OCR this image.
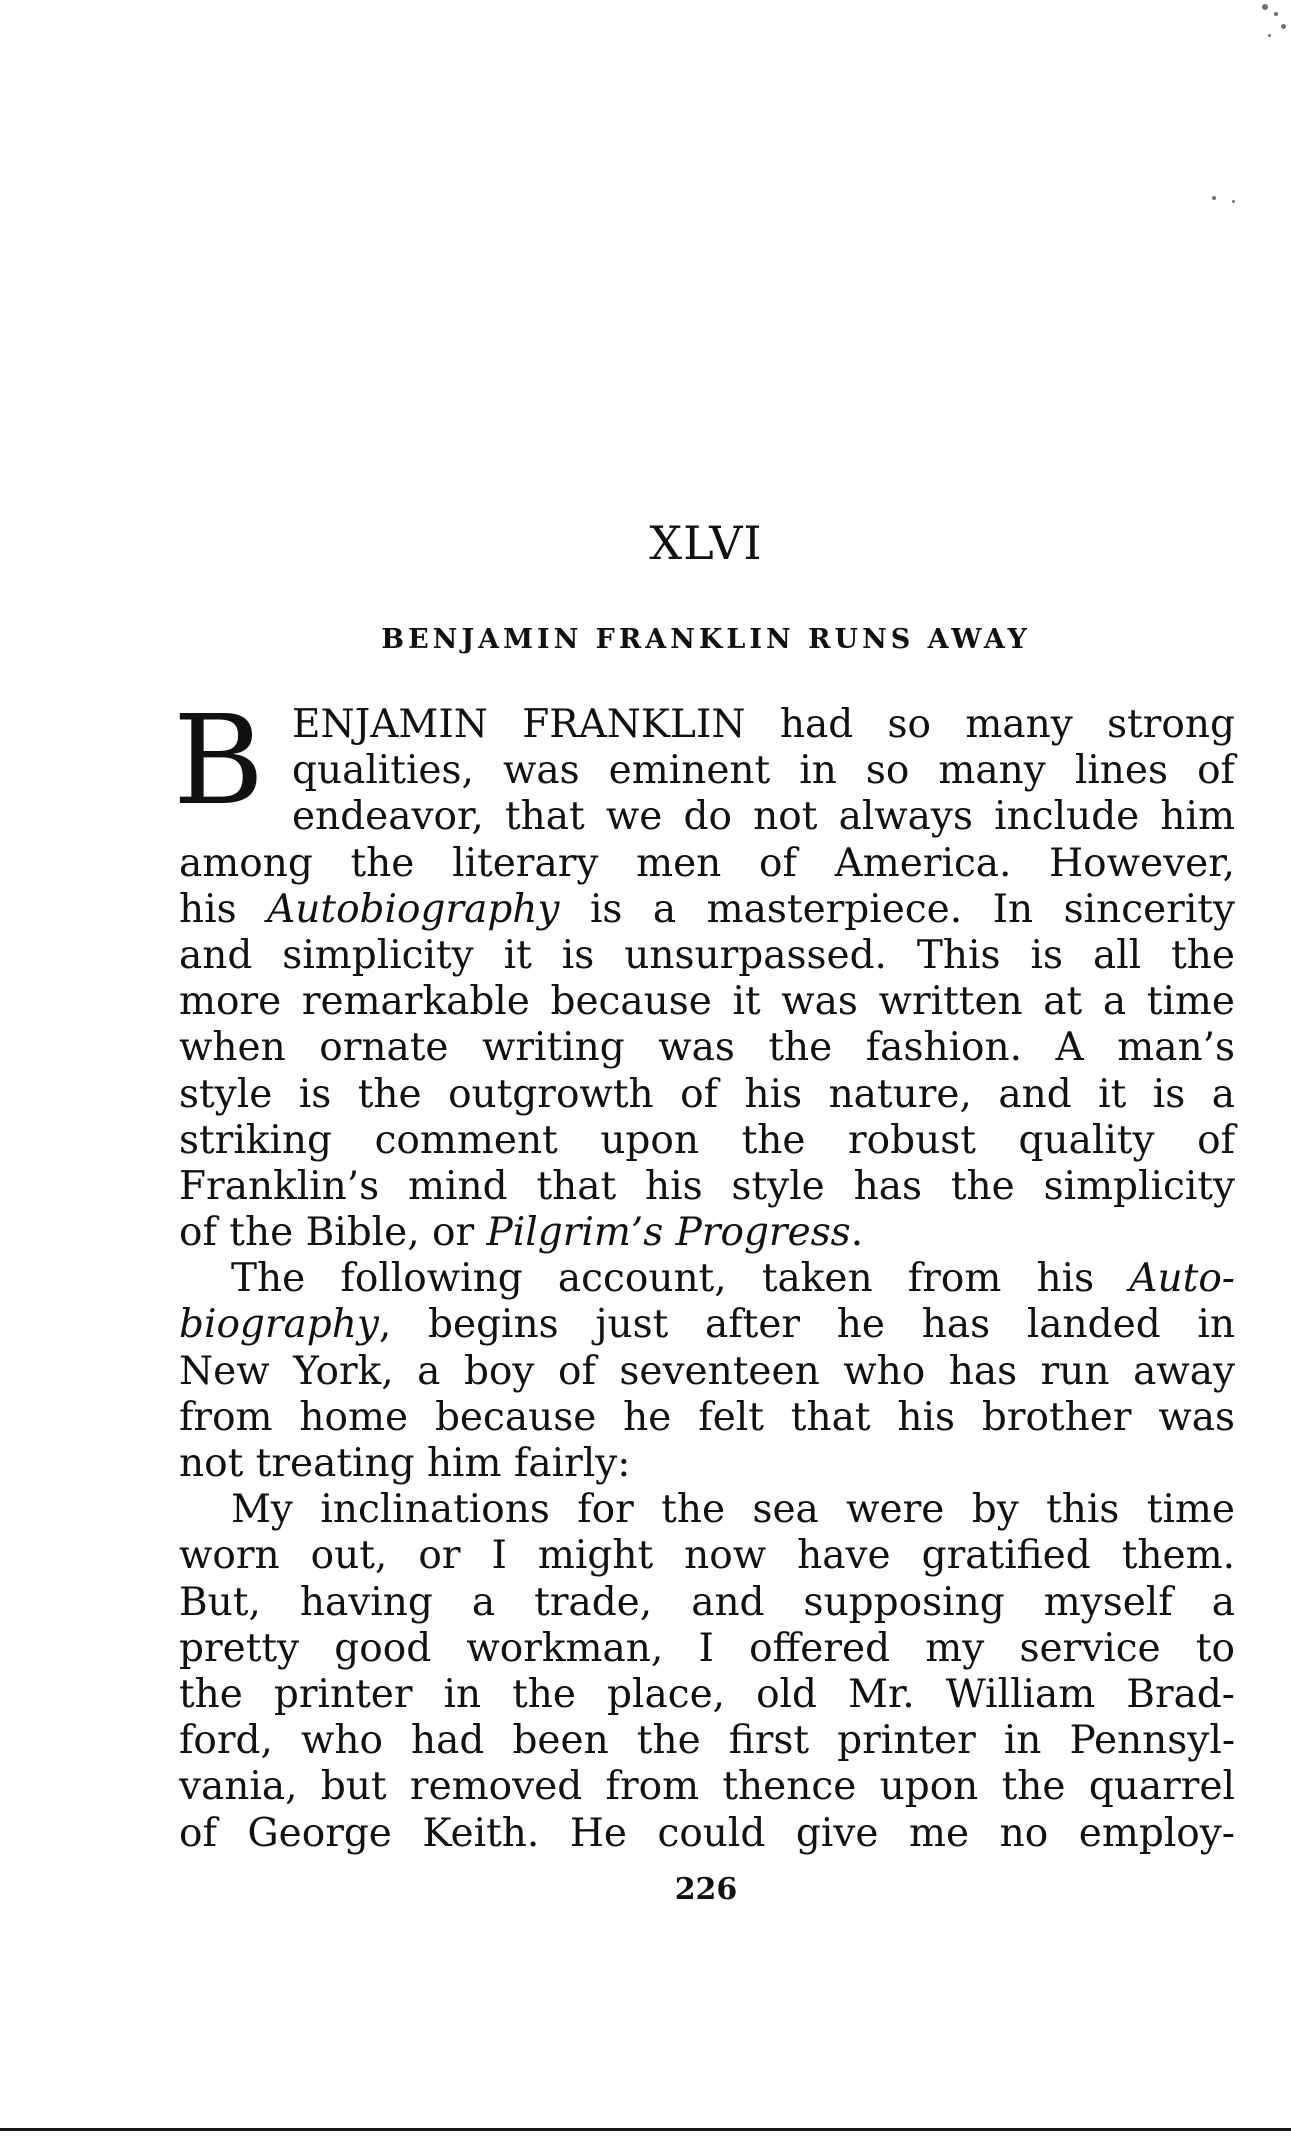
XLVI
BENJAMIN FRANKLIN RUNS AWAY
B ENJAMIN FRANKLIN had so many strong
qualities, was eminent in so many lines of
endeavor, that we do not always include him
among the literary men of America. However,
his Autobiography is a masterpiece. In sincerity
and simplicity it is unsurpassed. This is all the
more remarkable because it was written at a time
when ornate writing was the fashion. A man’s
style is the outgrowth of his nature, and it is a
striking comment upon the robust quality of
Franklin’s mind that his style has the simplicity
of the Bible, or Pilgrim’s Progress.
The following account, taken from his Auto-
biography, begins just after he has landed in
New York, a boy of seventeen who has run away
from home because he felt that his brother was
not treating him fairly:
My inclinations for the sea were by this time
worn out, or I might now have gratified them.
But, having a trade, and supposing myself a
pretty good workman, I offered my service to
the printer in the place, old Mr. William Brad-
ford, who had been the first printer in Pennsyl-
vania, but removed from thence upon the quarrel
of George Keith. He could give me no employ-
226
